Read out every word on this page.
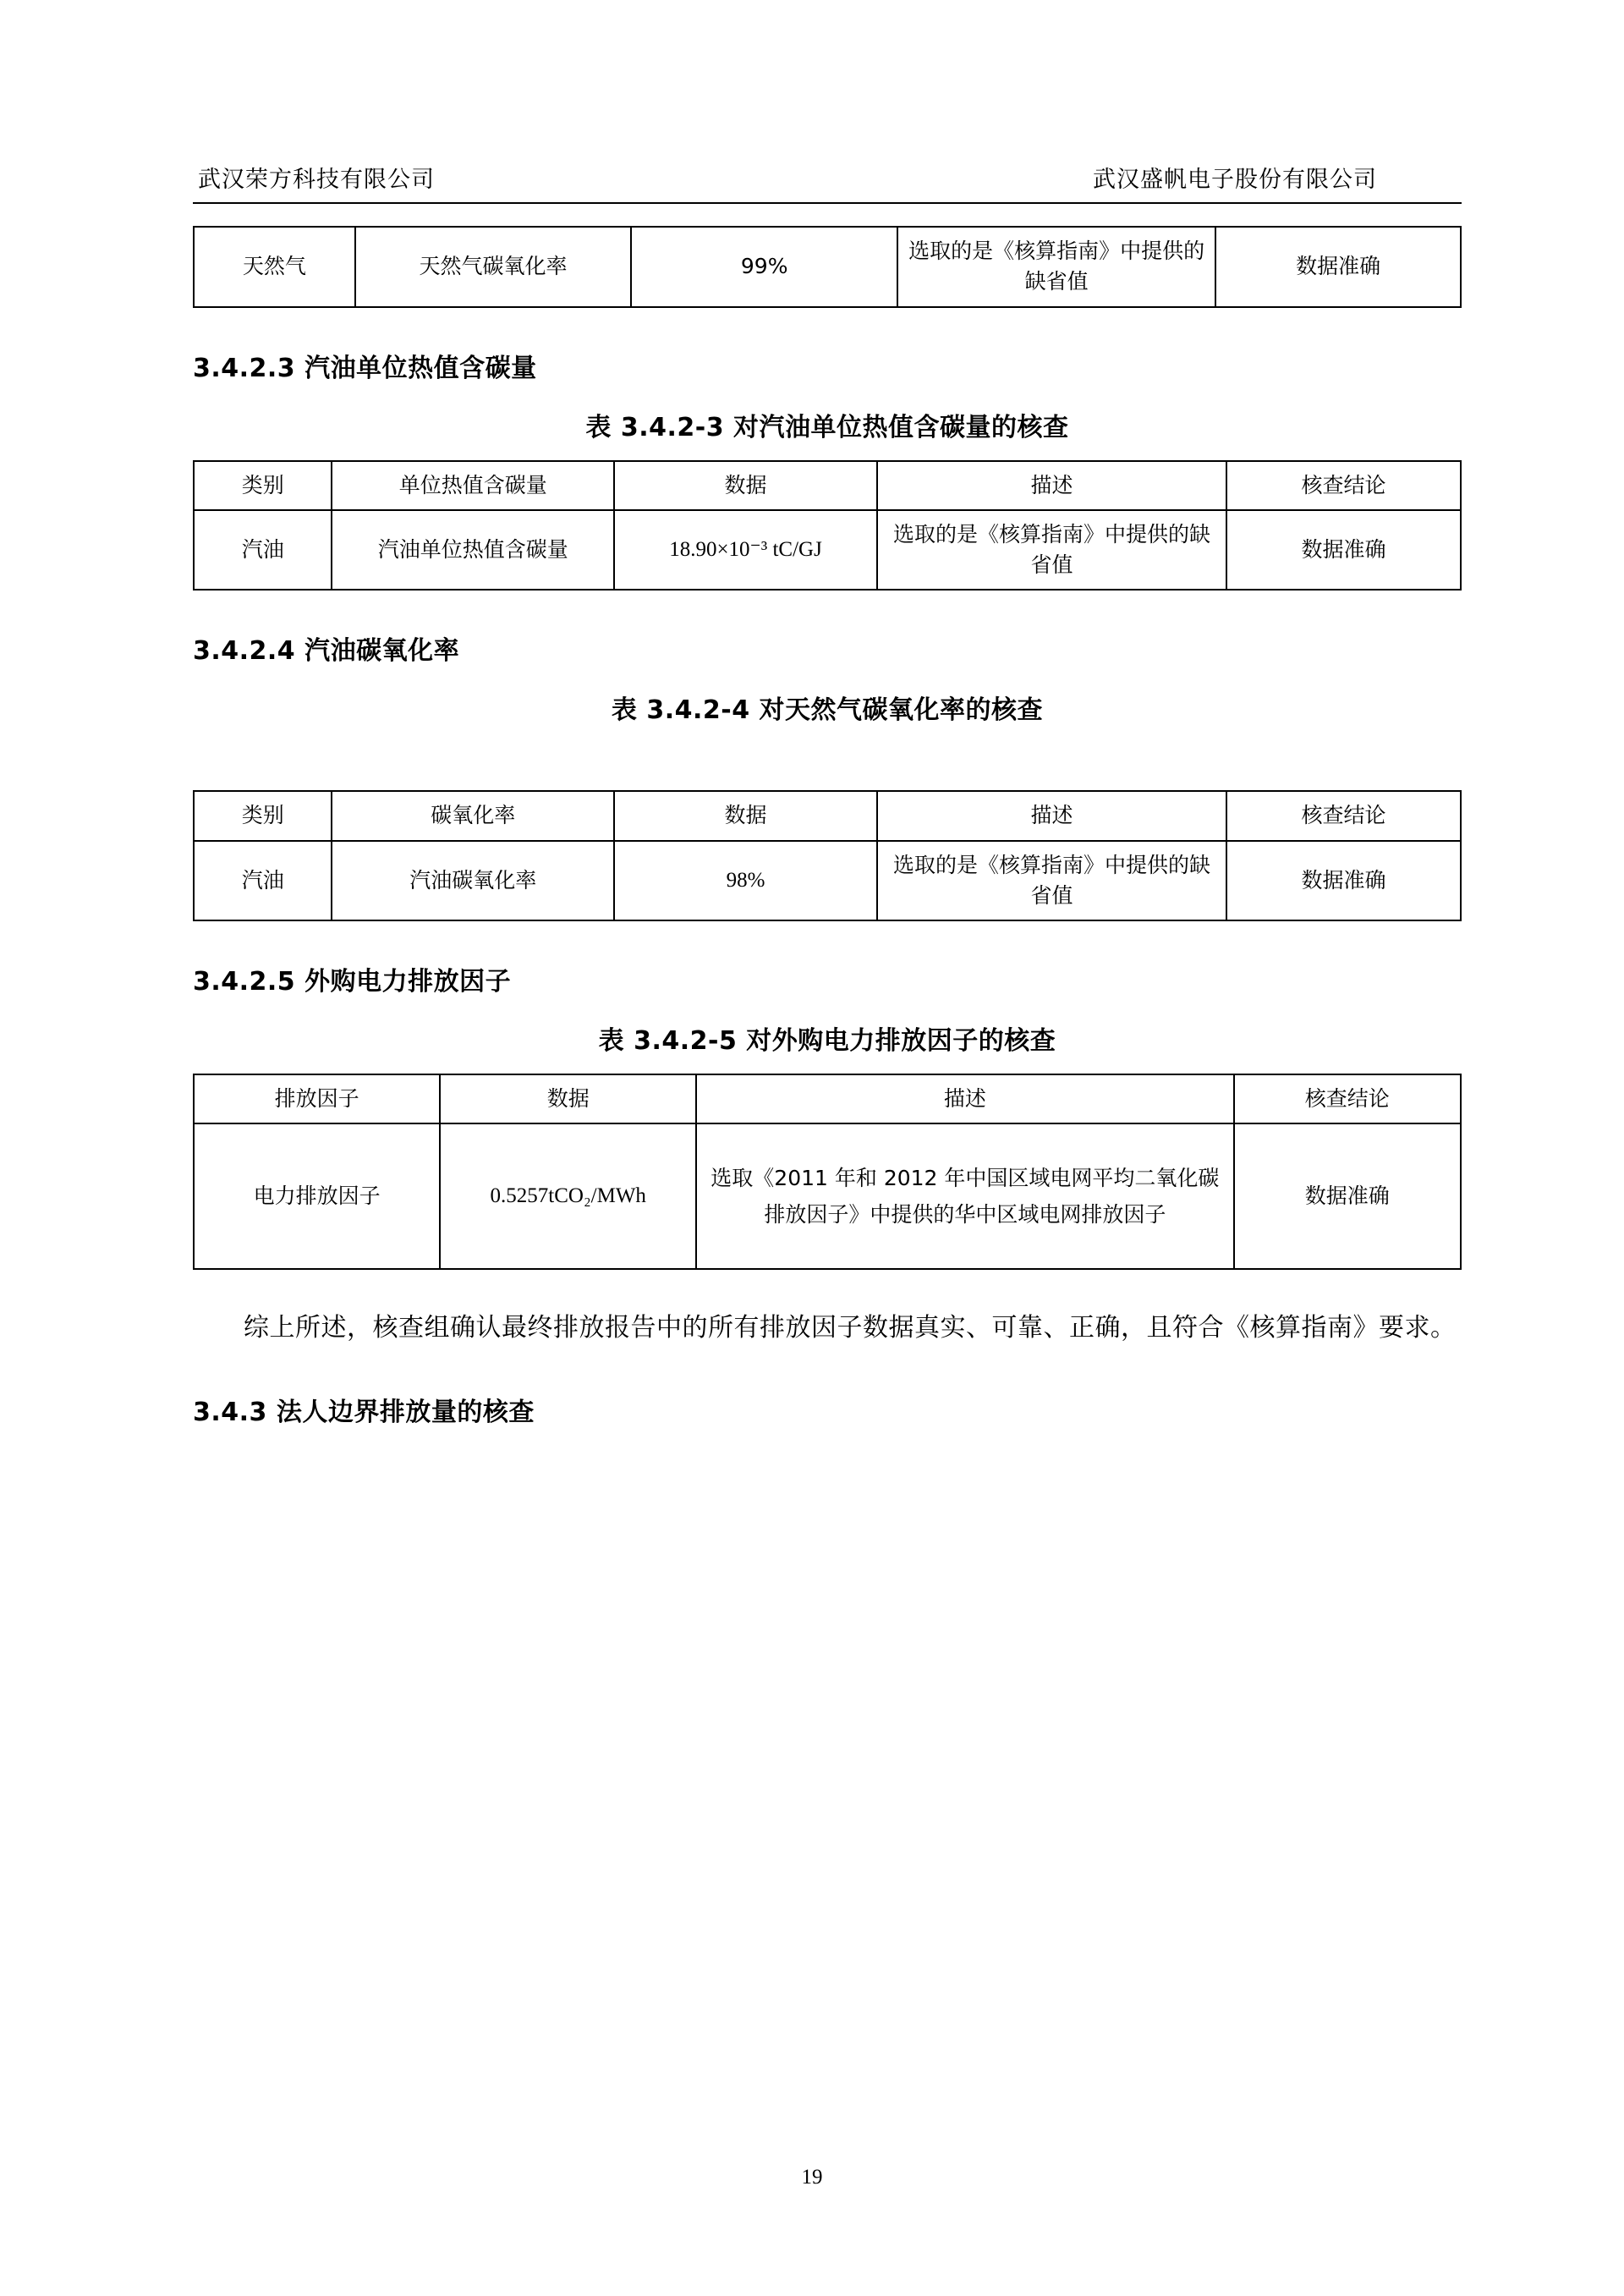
武汉荣方科技有限公司	武汉盛帆电子股份有限公司
天然气	天然气碳氧化率	99%	选取的是《核算指南》中提供的缺省值	数据准确
3.4.2.3 汽油单位热值含碳量
表 3.4.2-3 对汽油单位热值含碳量的核查
类别	单位热值含碳量	数据	描述	核查结论
汽油	汽油单位热值含碳量	18.90×10⁻³ tC/GJ	选取的是《核算指南》中提供的缺省值	数据准确
3.4.2.4 汽油碳氧化率
表 3.4.2-4 对天然气碳氧化率的核查
类别	碳氧化率	数据	描述	核查结论
汽油	汽油碳氧化率	98%	选取的是《核算指南》中提供的缺省值	数据准确
3.4.2.5 外购电力排放因子
表 3.4.2-5 对外购电力排放因子的核查
排放因子	数据	描述	核查结论
电力排放因子	0.5257tCO₂/MWh	选取《2011 年和 2012 年中国区域电网平均二氧化碳排放因子》中提供的华中区域电网排放因子	数据准确

综上所述，核查组确认最终排放报告中的所有排放因子数据真实、可靠、正确，且符合《核算指南》要求。

3.4.3 法人边界排放量的核查
19
